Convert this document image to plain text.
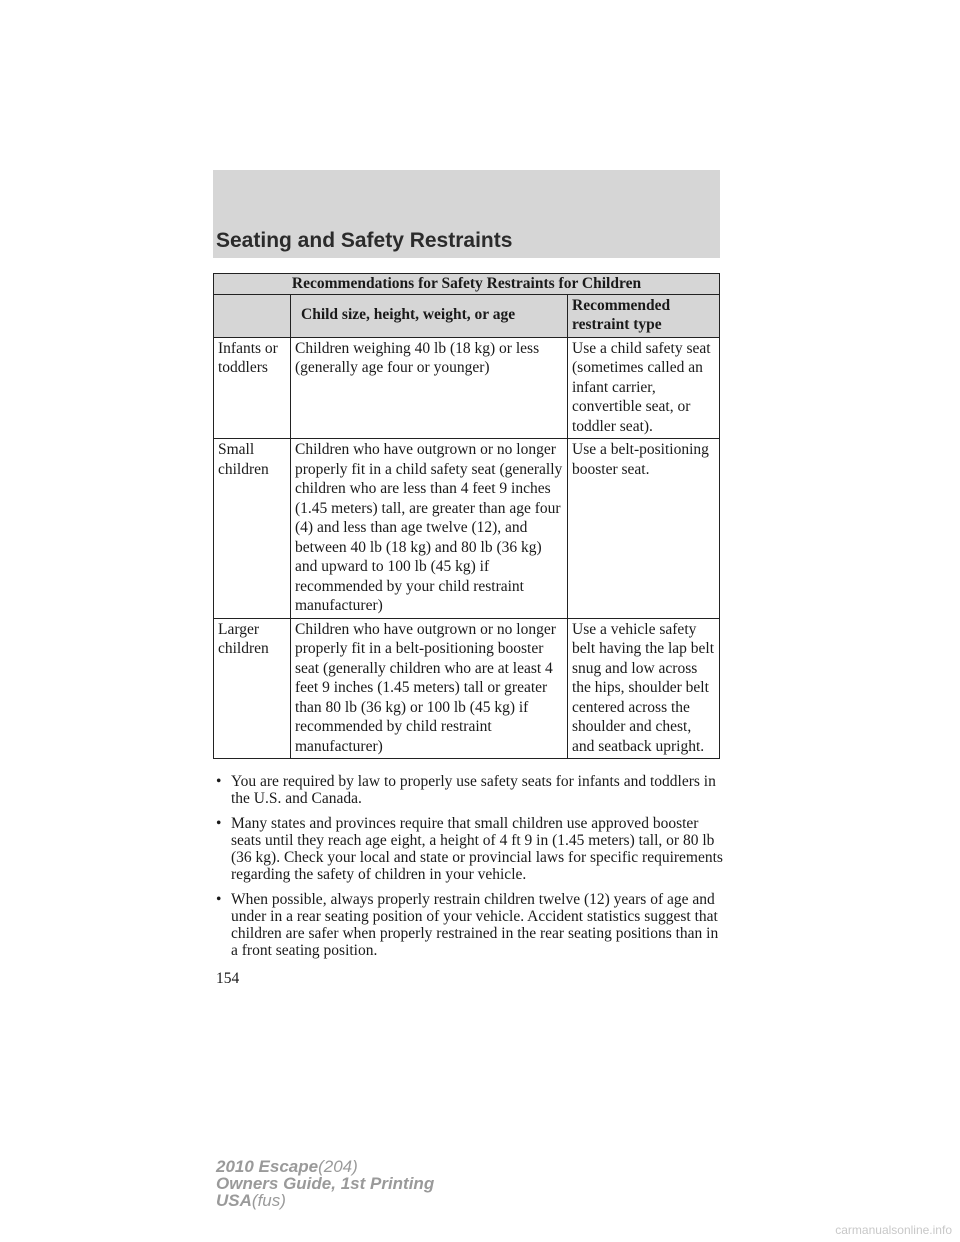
Seating and Safety Restraints
Recommendations for Safety Restraints for Children		
	Child size, height, weight, or age	Recommended restraint type
Infants or toddlers	Children weighing 40 lb (18 kg) or less (generally age four or younger)	Use a child safety seat (sometimes called an infant carrier, convertible seat, or toddler seat).
Small children	Children who have outgrown or no longer properly fit in a child safety seat (generally children who are less than 4 feet 9 inches (1.45 meters) tall, are greater than age four (4) and less than age twelve (12), and between 40 lb (18 kg) and 80 lb (36 kg) and upward to 100 lb (45 kg) if recommended by your child restraint manufacturer)	Use a belt-positioning booster seat.
Larger children	Children who have outgrown or no longer properly fit in a belt-positioning booster seat (generally children who are at least 4 feet 9 inches (1.45 meters) tall or greater than 80 lb (36 kg) or 100 lb (45 kg) if recommended by child restraint manufacturer)	Use a vehicle safety belt having the lap belt snug and low across the hips, shoulder belt centered across the shoulder and chest, and seatback upright.
• You are required by law to properly use safety seats for infants and toddlers in the U.S. and Canada.
• Many states and provinces require that small children use approved booster seats until they reach age eight, a height of 4 ft 9 in (1.45 meters) tall, or 80 lb (36 kg). Check your local and state or provincial laws for specific requirements regarding the safety of children in your vehicle.
• When possible, always properly restrain children twelve (12) years of age and under in a rear seating position of your vehicle. Accident statistics suggest that children are safer when properly restrained in the rear seating positions than in a front seating position.
154
2010 Escape(204)
Owners Guide, 1st Printing
USA(fus)
carmanualsonline.info
